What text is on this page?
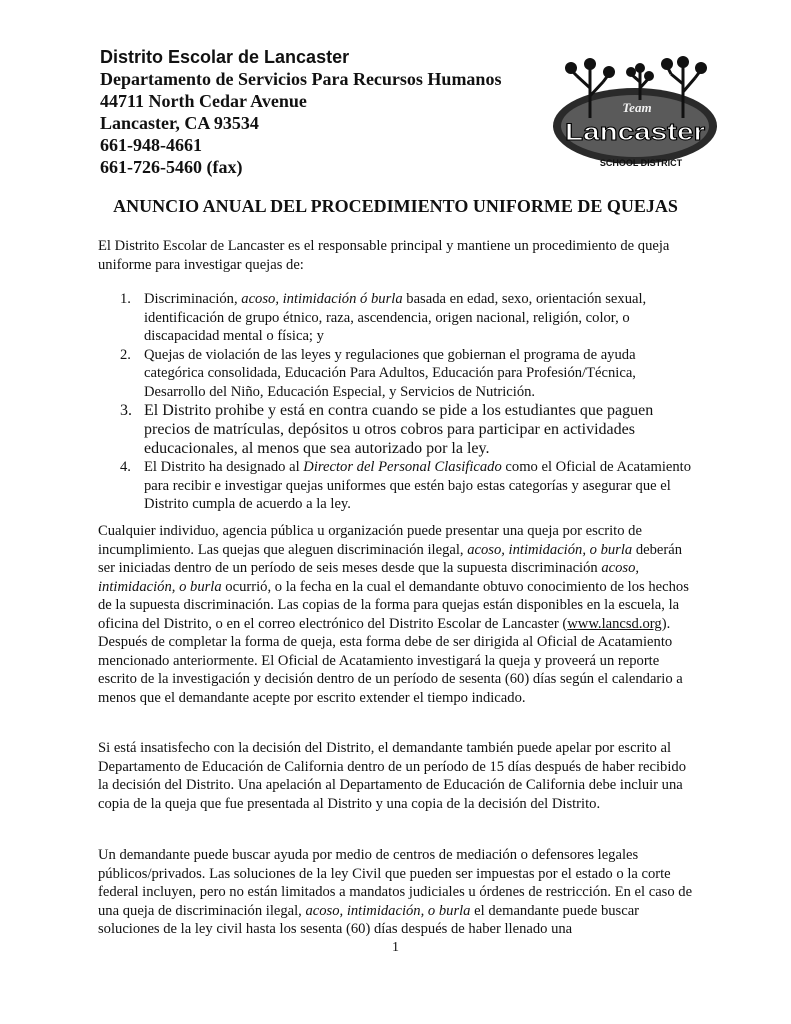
Distrito Escolar de Lancaster

Departamento de Servicios Para Recursos Humanos

44711 North Cedar Avenue

Lancaster, CA 93534

661-948-4661

661-726-5460 (fax)

Team
Lancaster
SCHOOL DISTRICT
ANUNCIO ANUAL DEL PROCEDIMIENTO UNIFORME DE QUEJAS

El Distrito Escolar de Lancaster es el responsable principal y mantiene un procedimiento de queja uniforme para investigar quejas de:

1. Discriminación, acoso, intimidación ó burla basada en edad, sexo, orientación sexual, identificación de grupo étnico, raza, ascendencia, origen nacional, religión, color, o discapacidad mental o física; y
2. Quejas de violación de las leyes y regulaciones que gobiernan el programa de ayuda categórica consolidada, Educación Para Adultos, Educación para Profesión/Técnica, Desarrollo del Niño, Educación Especial, y Servicios de Nutrición.
3. El Distrito prohibe y está en contra cuando se pide a los estudiantes que paguen precios de matrículas, depósitos u otros cobros para participar en actividades educacionales, al menos que sea autorizado por la ley.
4. El Distrito ha designado al Director del Personal Clasificado como el Oficial de Acatamiento para recibir e investigar quejas uniformes que estén bajo estas categorías y asegurar que el Distrito cumpla de acuerdo a la ley.

Cualquier individuo, agencia pública u organización puede presentar una queja por escrito de incumplimiento. Las quejas que aleguen discriminación ilegal, acoso, intimidación, o burla deberán ser iniciadas dentro de un período de seis meses desde que la supuesta discriminación acoso, intimidación, o burla ocurrió, o la fecha en la cual el demandante obtuvo conocimiento de los hechos de la supuesta discriminación. Las copias de la forma para quejas están disponibles en la escuela, la oficina del Distrito, o en el correo electrónico del Distrito Escolar de Lancaster (www.lancsd.org). Después de completar la forma de queja, esta forma debe de ser dirigida al Oficial de Acatamiento mencionado anteriormente. El Oficial de Acatamiento investigará la queja y proveerá un reporte escrito de la investigación y decisión dentro de un período de sesenta (60) días según el calendario a menos que el demandante acepte por escrito extender el tiempo indicado.

Si está insatisfecho con la decisión del Distrito, el demandante también puede apelar por escrito al Departamento de Educación de California dentro de un período de 15 días después de haber recibido la decisión del Distrito. Una apelación al Departamento de Educación de California debe incluir una copia de la queja que fue presentada al Distrito y una copia de la decisión del Distrito.

Un demandante puede buscar ayuda por medio de centros de mediación o defensores legales públicos/privados. Las soluciones de la ley Civil que pueden ser impuestas por el estado o la corte federal incluyen, pero no están limitados a mandatos judiciales u órdenes de restricción. En el caso de una queja de discriminación ilegal, acoso, intimidación, o burla el demandante puede buscar soluciones de la ley civil hasta los sesenta (60) días después de haber llenado una

1
